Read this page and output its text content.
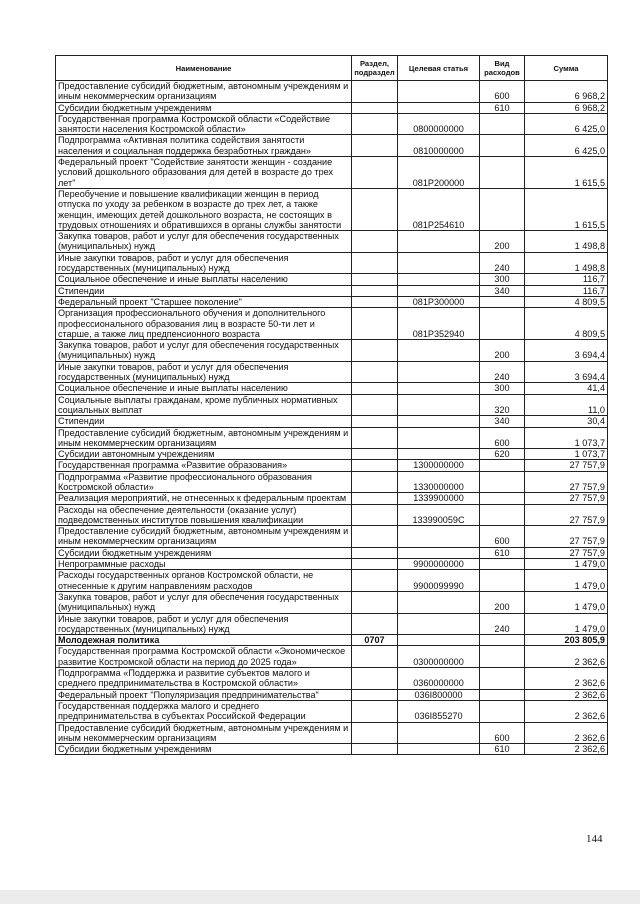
Наименование	Раздел, подраздел	Целевая статья	Вид расходов	Сумма
Предоставление субсидий бюджетным, автономным учреждениям и иным некоммерческим организациям			600	6 968,2
Субсидии бюджетным учреждениям			610	6 968,2
Государственная программа Костромской области «Содействие занятости населения Костромской области»		0800000000		6 425,0
Подпрограмма «Активная политика содействия занятости населения и социальная поддержка безработных граждан»		0810000000		6 425,0
Федеральный проект "Содействие занятости женщин - создание условий дошкольного образования для детей в возрасте до трех лет"		081P200000		1 615,5
Переобучение и повышение квалификации женщин в период отпуска по уходу за ребенком в возрасте до трех лет, а также женщин, имеющих детей дошкольного возраста, не состоящих в трудовых отношениях и обратившихся в органы службы занятости		081P254610		1 615,5
Закупка товаров, работ и услуг для обеспечения государственных (муниципальных) нужд			200	1 498,8
Иные закупки товаров, работ и услуг для обеспечения государственных (муниципальных) нужд			240	1 498,8
Социальное обеспечение и иные выплаты населению			300	116,7
Стипендии			340	116,7
Федеральный проект "Старшее поколение"		081P300000		4 809,5
Организация профессионального обучения и дополнительного профессионального образования лиц в возрасте 50-ти лет и старше, а также лиц предпенсионного возраста		081P352940		4 809,5
Закупка товаров, работ и услуг для обеспечения государственных (муниципальных) нужд			200	3 694,4
Иные закупки товаров, работ и услуг для обеспечения государственных (муниципальных) нужд			240	3 694,4
Социальное обеспечение и иные выплаты населению			300	41,4
Социальные выплаты гражданам, кроме публичных нормативных социальных выплат			320	11,0
Стипендии			340	30,4
Предоставление субсидий бюджетным, автономным учреждениям и иным некоммерческим организациям			600	1 073,7
Субсидии автономным учреждениям			620	1 073,7
Государственная программа «Развитие образования»		1300000000		27 757,9
Подпрограмма «Развитие профессионального образования Костромской области»		1330000000		27 757,9
Реализация мероприятий, не отнесенных к федеральным проектам		1339900000		27 757,9
Расходы на обеспечение деятельности (оказание услуг) подведомственных институтов повышения квалификации		133990059С		27 757,9
Предоставление субсидий бюджетным, автономным учреждениям и иным некоммерческим организациям			600	27 757,9
Субсидии бюджетным учреждениям			610	27 757,9
Непрограммные расходы		9900000000		1 479,0
Расходы государственных органов Костромской области, не отнесенные к другим направлениям расходов		9900099990		1 479,0
Закупка товаров, работ и услуг для обеспечения государственных (муниципальных) нужд			200	1 479,0
Иные закупки товаров, работ и услуг для обеспечения государственных (муниципальных) нужд			240	1 479,0
Молодежная политика	0707			203 805,9
Государственная программа Костромской области «Экономическое развитие Костромской области на период до 2025 года»		0300000000		2 362,6
Подпрограмма «Поддержка и развитие субъектов малого и среднего предпринимательства в Костромской области»		0360000000		2 362,6
Федеральный проект "Популяризация предпринимательства"		036I800000		2 362,6
Государственная поддержка малого и среднего предпринимательства в субъектах Российской Федерации		036I855270		2 362,6
Предоставление субсидий бюджетным, автономным учреждениям и иным некоммерческим организациям			600	2 362,6
Субсидии бюджетным учреждениям			610	2 362,6
144
